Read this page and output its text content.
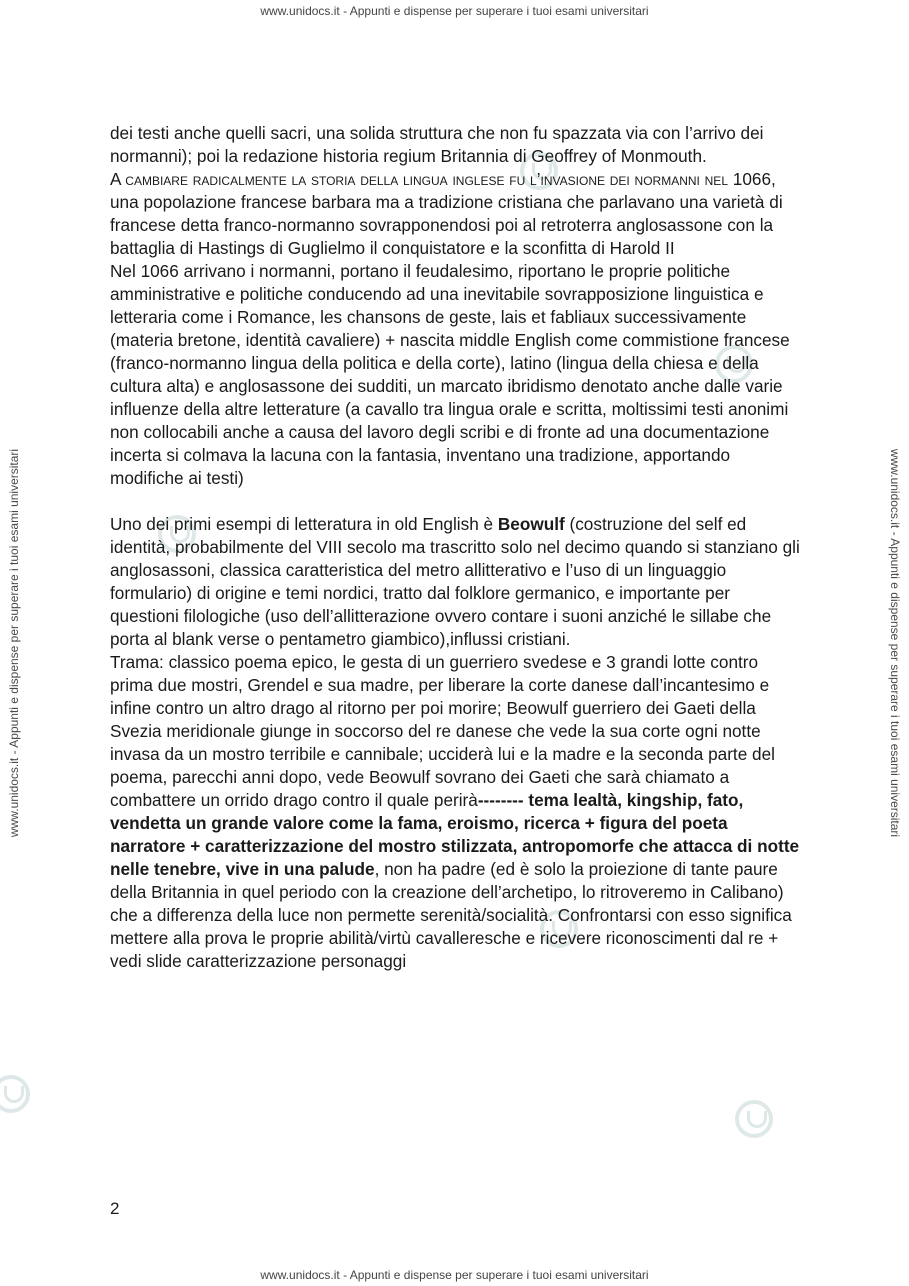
www.unidocs.it - Appunti e dispense per superare i tuoi esami universitari
www.unidocs.it - Appunti e dispense per superare i tuoi esami universitari	www.unidocs.it - Appunti e dispense per superare i tuoi esami universitari

dei testi anche quelli sacri, una solida struttura che non fu spazzata via con l’arrivo dei normanni); poi la redazione historia regium Britannia di Geoffrey of Monmouth.

A cambiare radicalmente la storia della lingua inglese fu l’invasione dei normanni nel 1066, una popolazione francese barbara ma a tradizione cristiana che parlavano una varietà di francese detta franco-normanno sovrapponendosi poi al retroterra anglosassone con la battaglia di Hastings di Guglielmo il conquistatore e la sconfitta di Harold II

Nel 1066 arrivano i normanni, portano il feudalesimo, riportano le proprie politiche amministrative e politiche conducendo ad una inevitabile sovrapposizione linguistica e letteraria come i Romance, les chansons de geste, lais et fabliaux successivamente (materia bretone, identità cavaliere) + nascita middle English come commistione francese (franco-normanno lingua della politica e della corte), latino (lingua della chiesa e della cultura alta) e anglosassone dei sudditi, un marcato ibridismo denotato anche dalle varie influenze della altre letterature (a cavallo tra lingua orale e scritta, moltissimi testi anonimi non collocabili anche a causa del lavoro degli scribi e di fronte ad una documentazione incerta si colmava la lacuna con la fantasia, inventano una tradizione, apportando modifiche ai testi)

Uno dei primi esempi di letteratura in old English è Beowulf (costruzione del self ed identità, probabilmente del VIII secolo ma trascritto solo nel decimo quando si stanziano gli anglosassoni, classica caratteristica del metro allitterativo e l’uso di un linguaggio formulario) di origine e temi nordici, tratto dal folklore germanico, e importante per questioni filologiche (uso dell’allitterazione ovvero contare i suoni anziché le sillabe che porta al blank verse o pentametro giambico),influssi cristiani.

Trama: classico poema epico, le gesta di un guerriero svedese e 3 grandi lotte contro prima due mostri, Grendel e sua madre, per liberare la corte danese dall’incantesimo e infine contro un altro drago al ritorno per poi morire; Beowulf guerriero dei Gaeti della Svezia meridionale giunge in soccorso del re danese che vede la sua corte ogni notte invasa da un mostro terribile e cannibale; ucciderà lui e la madre e la seconda parte del poema, parecchi anni dopo, vede Beowulf sovrano dei Gaeti che sarà chiamato a combattere un orrido drago contro il quale perirà-------- tema lealtà, kingship, fato, vendetta un grande valore come la fama, eroismo, ricerca + figura del poeta narratore + caratterizzazione del mostro stilizzata, antropomorfe che attacca di notte nelle tenebre, vive in una palude, non ha padre (ed è solo la proiezione di tante paure della Britannia in quel periodo con la creazione dell’archetipo, lo ritroveremo in Calibano) che a differenza della luce non permette serenità/socialità. Confrontarsi con esso significa mettere alla prova le proprie abilità/virtù cavalleresche e ricevere riconoscimenti dal re + vedi slide caratterizzazione personaggi

2
www.unidocs.it - Appunti e dispense per superare i tuoi esami universitari
